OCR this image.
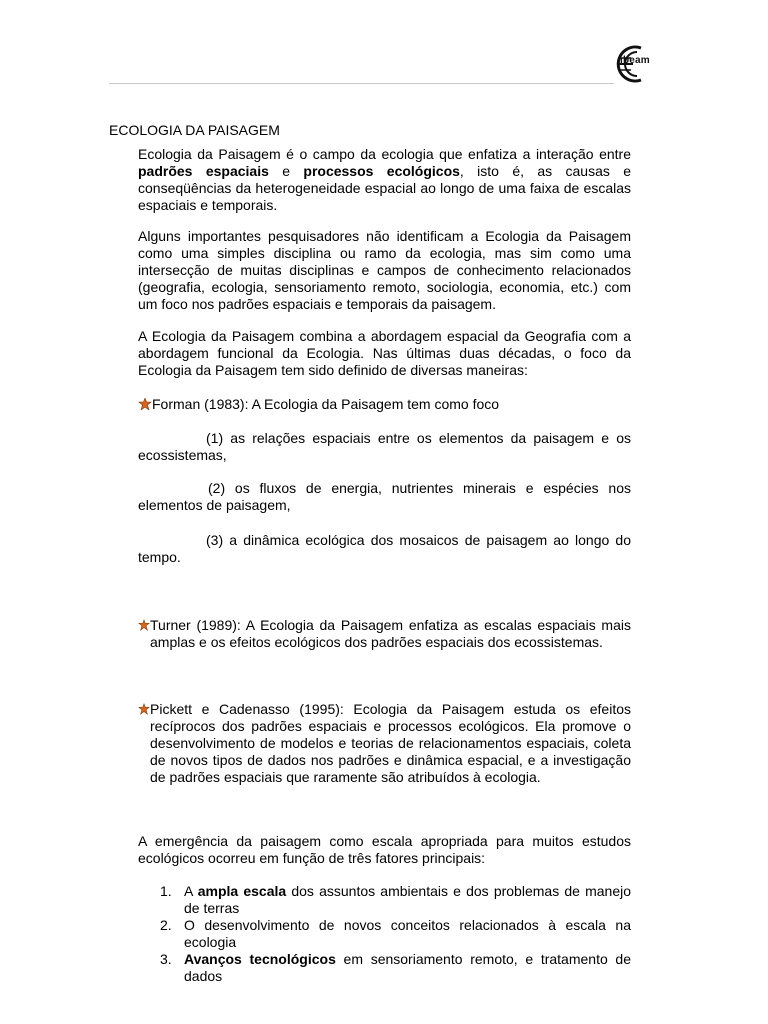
ibeam
ECOLOGIA DA PAISAGEM

Ecologia da Paisagem é o campo da ecologia que enfatiza a interação entre padrões espaciais e processos ecológicos, isto é, as causas e conseqüências da heterogeneidade espacial ao longo de uma faixa de escalas espaciais e temporais.

Alguns importantes pesquisadores não identificam a Ecologia da Paisagem como uma simples disciplina ou ramo da ecologia, mas sim como uma intersecção de muitas disciplinas e campos de conhecimento relacionados (geografia, ecologia, sensoriamento remoto, sociologia, economia, etc.) com um foco nos padrões espaciais e temporais da paisagem.

A Ecologia da Paisagem combina a abordagem espacial da Geografia com a abordagem funcional da Ecologia. Nas últimas duas décadas, o foco da Ecologia da Paisagem tem sido definido de diversas maneiras:

Forman (1983): A Ecologia da Paisagem tem como foco

(1) as relações espaciais entre os elementos da paisagem e os ecossistemas,

(2) os fluxos de energia, nutrientes minerais e espécies nos elementos de paisagem,

(3) a dinâmica ecológica dos mosaicos de paisagem ao longo do tempo.

Turner (1989): A Ecologia da Paisagem enfatiza as escalas espaciais mais amplas e os efeitos ecológicos dos padrões espaciais dos ecossistemas.

Pickett e Cadenasso (1995): Ecologia da Paisagem estuda os efeitos recíprocos dos padrões espaciais e processos ecológicos. Ela promove o desenvolvimento de modelos e teorias de relacionamentos espaciais, coleta de novos tipos de dados nos padrões e dinâmica espacial, e a investigação de padrões espaciais que raramente são atribuídos à ecologia.

A emergência da paisagem como escala apropriada para muitos estudos ecológicos ocorreu em função de três fatores principais:

1. A ampla escala dos assuntos ambientais e dos problemas de manejo de terras
2. O desenvolvimento de novos conceitos relacionados à escala na ecologia
3. Avanços tecnológicos em sensoriamento remoto, e tratamento de dados
